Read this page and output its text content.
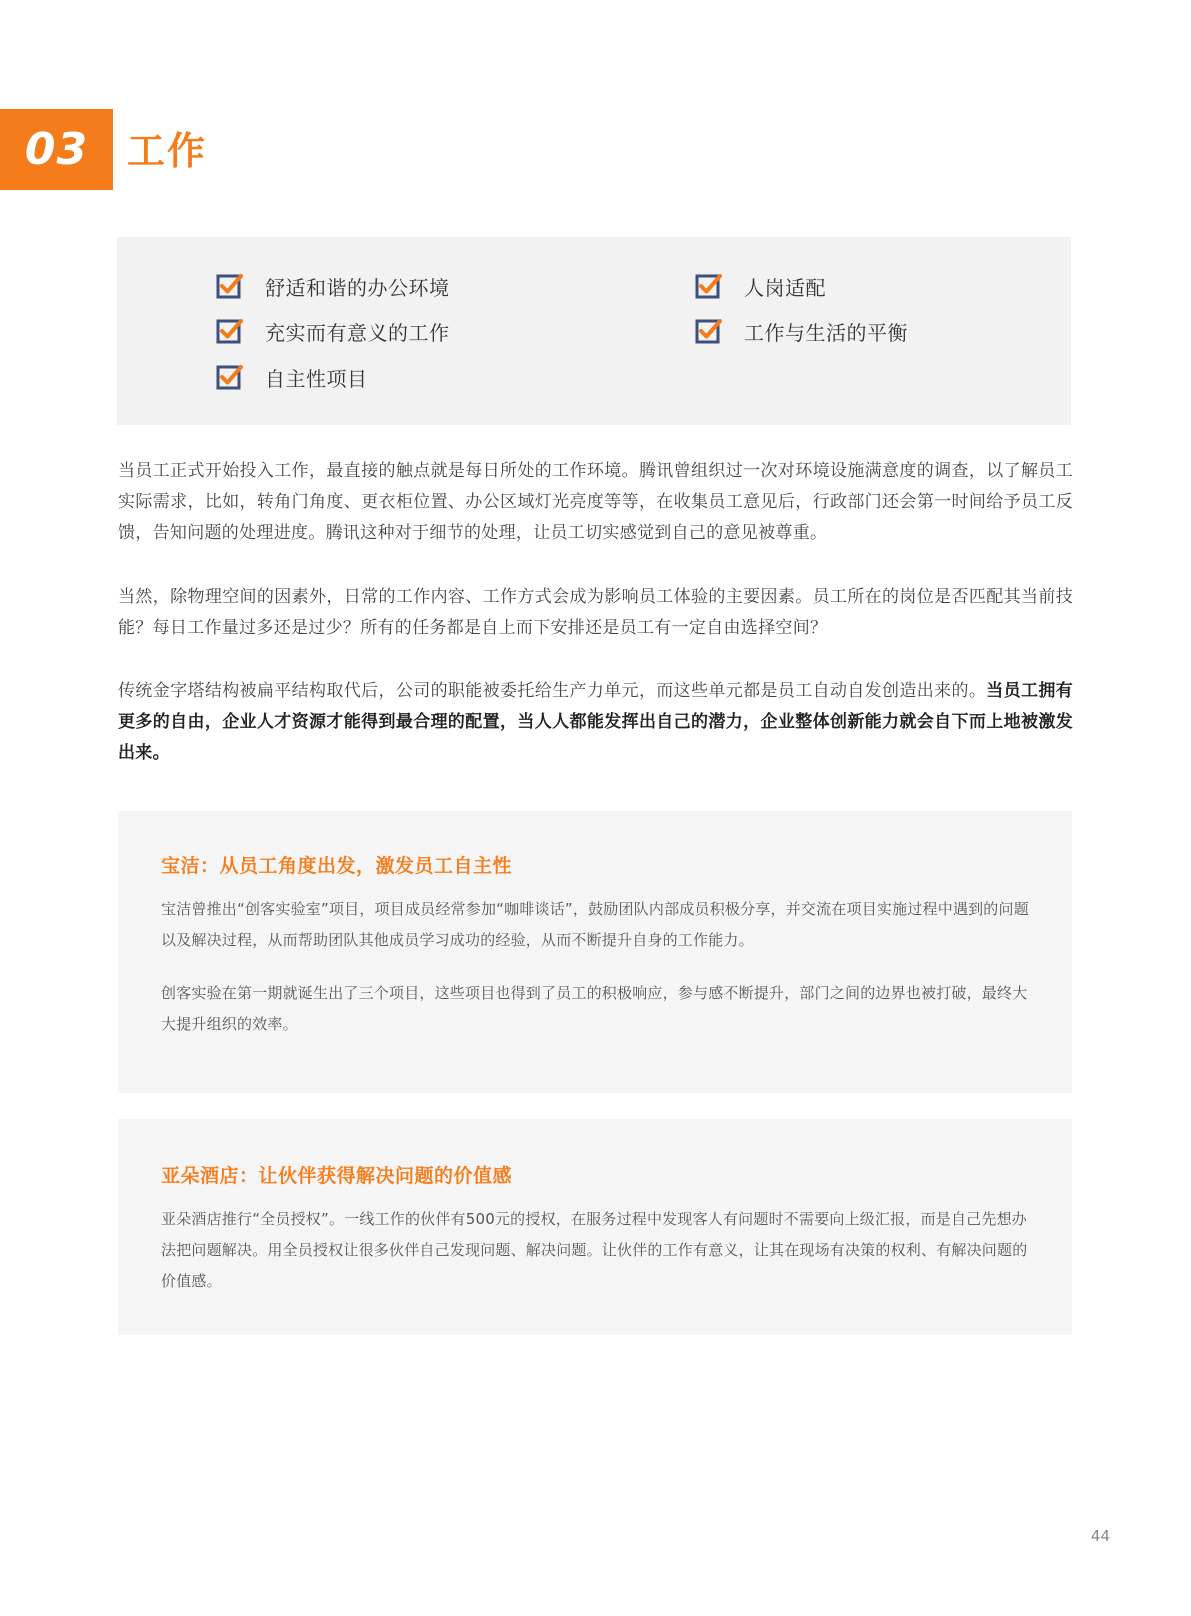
03 工作
舒适和谐的办公环境	人岗适配
充实而有意义的工作	工作与生活的平衡
自主性项目
当员工正式开始投入工作，最直接的触点就是每日所处的工作环境。腾讯曾组织过一次对环境设施满意度的调查，以了解员工实际需求，比如，转角门角度、更衣柜位置、办公区域灯光亮度等等，在收集员工意见后，行政部门还会第一时间给予员工反馈，告知问题的处理进度。腾讯这种对于细节的处理，让员工切实感觉到自己的意见被尊重。
当然，除物理空间的因素外，日常的工作内容、工作方式会成为影响员工体验的主要因素。员工所在的岗位是否匹配其当前技能？每日工作量过多还是过少？所有的任务都是自上而下安排还是员工有一定自由选择空间？
传统金字塔结构被扁平结构取代后，公司的职能被委托给生产力单元，而这些单元都是员工自动自发创造出来的。当员工拥有更多的自由，企业人才资源才能得到最合理的配置，当人人都能发挥出自己的潜力，企业整体创新能力就会自下而上地被激发出来。
宝洁：从员工角度出发，激发员工自主性
宝洁曾推出“创客实验室”项目，项目成员经常参加“咖啡谈话”，鼓励团队内部成员积极分享，并交流在项目实施过程中遇到的问题以及解决过程，从而帮助团队其他成员学习成功的经验，从而不断提升自身的工作能力。
创客实验在第一期就诞生出了三个项目，这些项目也得到了员工的积极响应，参与感不断提升，部门之间的边界也被打破，最终大大提升组织的效率。
亚朵酒店：让伙伴获得解决问题的价值感
亚朵酒店推行“全员授权”。一线工作的伙伴有500元的授权，在服务过程中发现客人有问题时不需要向上级汇报，而是自己先想办法把问题解决。用全员授权让很多伙伴自己发现问题、解决问题。让伙伴的工作有意义，让其在现场有决策的权利、有解决问题的价值感。
44
